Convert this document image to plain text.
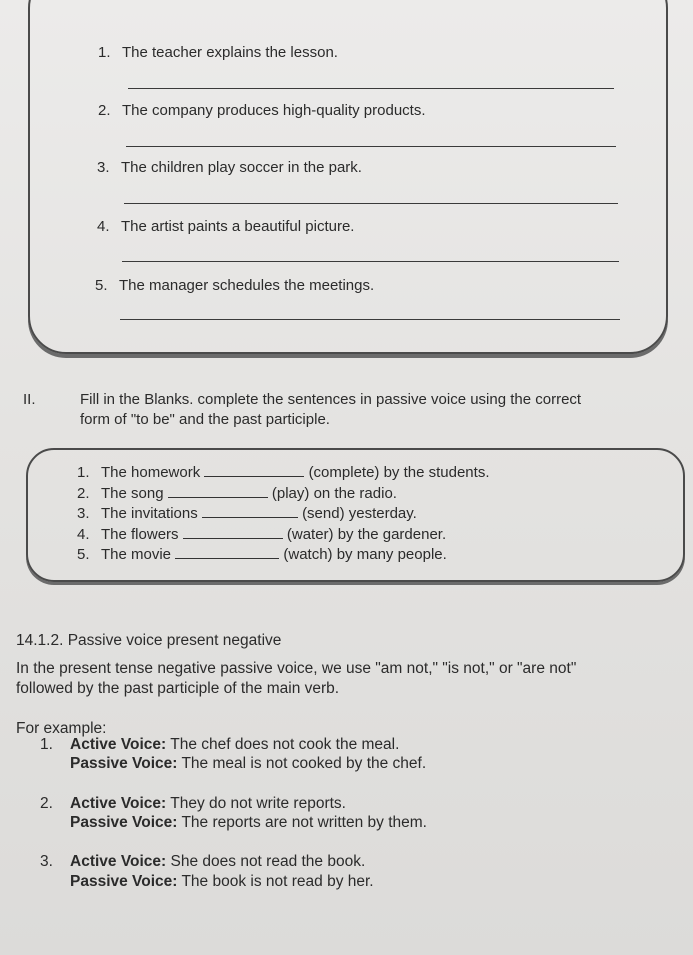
1. The teacher explains the lesson.
2. The company produces high-quality products.
3. The children play soccer in the park.
4. The artist paints a beautiful picture.
5. The manager schedules the meetings.
II.	Fill in the Blanks. complete the sentences in passive voice using the correct
form of "to be" and the past participle.
1. The homework	(complete) by the students.
2. The song	(play) on the radio.
3. The invitations	(send) yesterday.
4. The flowers	(water) by the gardener.
5. The movie	(watch) by many people.
14.1.2. Passive voice present negative
In the present tense negative passive voice, we use "am not," "is not," or "are not"
followed by the past participle of the main verb.
For example:
1. Active Voice: The chef does not cook the meal.
Passive Voice: The meal is not cooked by the chef.
2. Active Voice: They do not write reports.
Passive Voice: The reports are not written by them.
3. Active Voice: She does not read the book.
Passive Voice: The book is not read by her.
